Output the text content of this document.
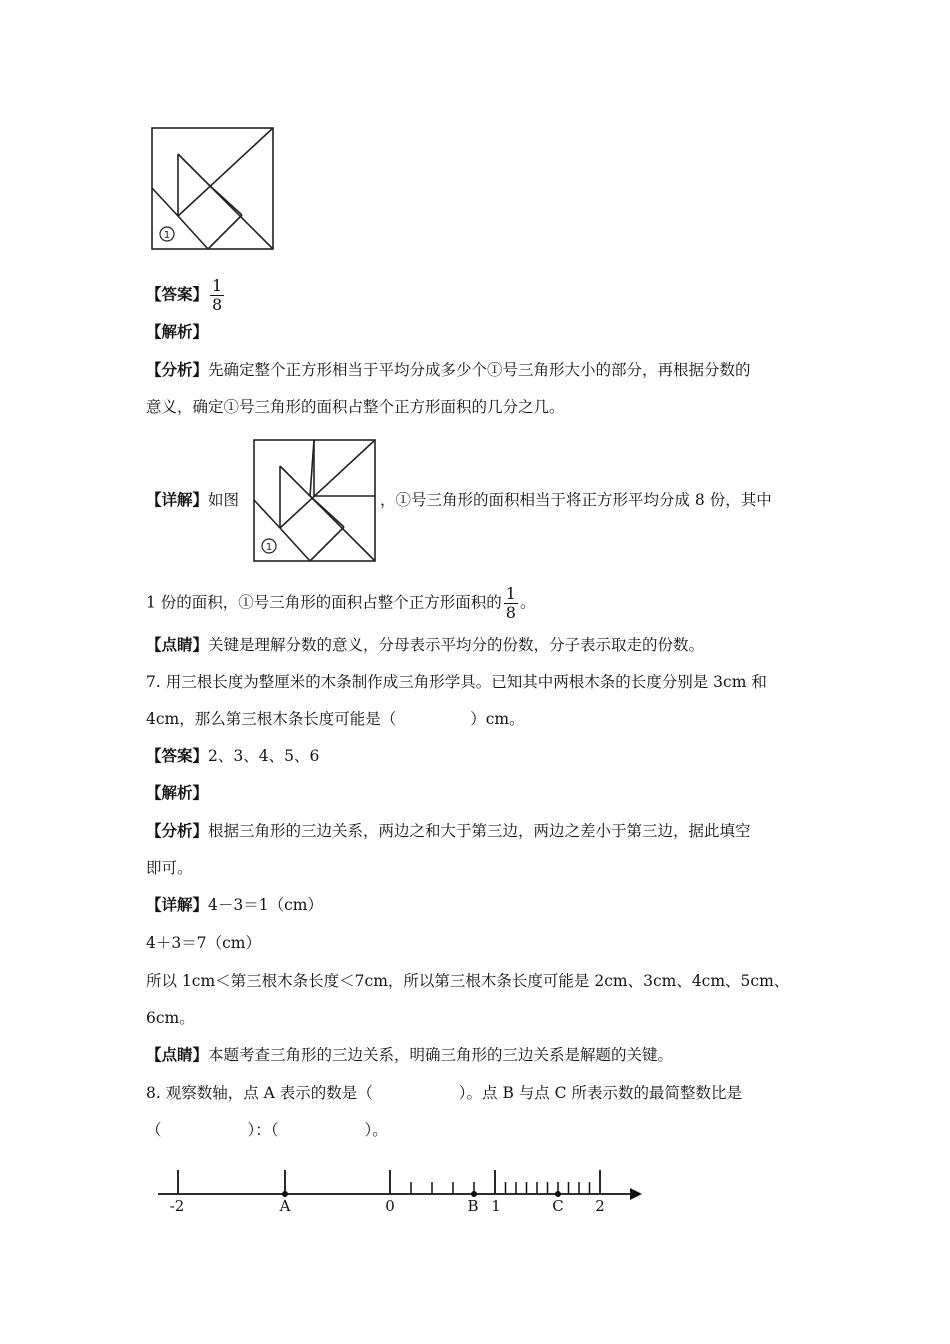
1
【答案】 $\frac{1}{8}$
【解析】
【分析】先确定整个正方形相当于平均分成多少个①号三角形大小的部分，再根据分数的
意义，确定①号三角形的面积占整个正方形面积的几分之几。
【详解】如图	，①号三角形的面积相当于将正方形平均分成 8 份，其中
1
1 份的面积，①号三角形的面积占整个正方形面积的 $\frac{1}{8}$ 。
【点睛】关键是理解分数的意义，分母表示平均分的份数，分子表示取走的份数。
7. 用三根长度为整厘米的木条制作成三角形学具。已知其中两根木条的长度分别是 3cm 和
4cm，那么第三根木条长度可能是（	）cm。
【答案】2、3、4、5、6
【解析】
【分析】根据三角形的三边关系，两边之和大于第三边，两边之差小于第三边，据此填空
即可。
【详解】4－3＝1（cm）
4＋3＝7（cm）
所以 1cm＜第三根木条长度＜7cm，所以第三根木条长度可能是 2cm、3cm、4cm、5cm、
6cm。
【点睛】本题考查三角形的三边关系，明确三角形的三边关系是解题的关键。
8. 观察数轴，点 A 表示的数是（	）。点 B 与点 C 所表示数的最简整数比是
（	）：（	）。
-2	A	0	B 1	C 2
